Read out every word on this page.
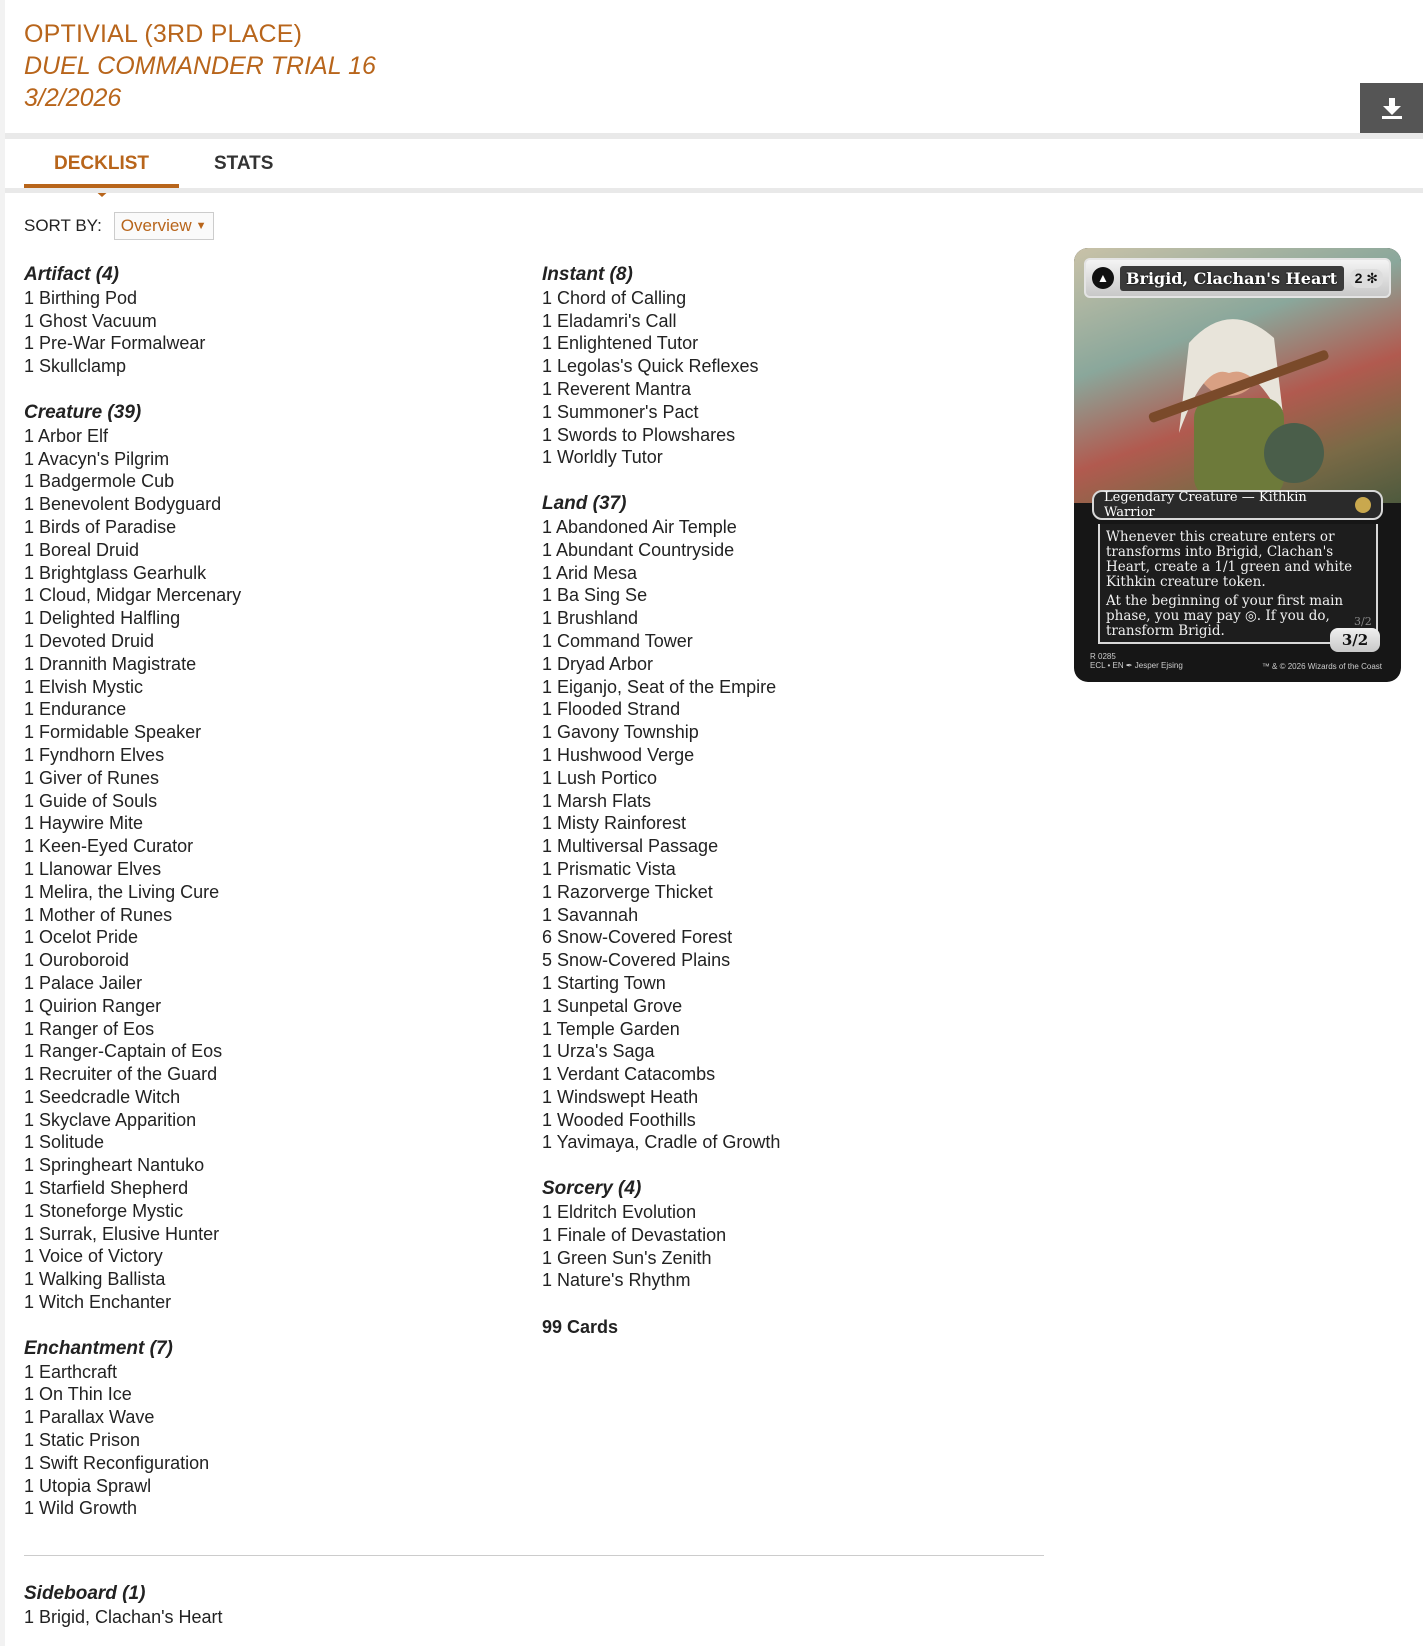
OPTIVIAL (3RD PLACE)
DUEL COMMANDER TRIAL 16
3/2/2026
DECKLIST	STATS
SORT BY: Overview ▼
Artifact (4)
1 Birthing Pod
1 Ghost Vacuum
1 Pre-War Formalwear
1 Skullclamp
Creature (39)
1 Arbor Elf
1 Avacyn's Pilgrim
1 Badgermole Cub
1 Benevolent Bodyguard
1 Birds of Paradise
1 Boreal Druid
1 Brightglass Gearhulk
1 Cloud, Midgar Mercenary
1 Delighted Halfling
1 Devoted Druid
1 Drannith Magistrate
1 Elvish Mystic
1 Endurance
1 Formidable Speaker
1 Fyndhorn Elves
1 Giver of Runes
1 Guide of Souls
1 Haywire Mite
1 Keen-Eyed Curator
1 Llanowar Elves
1 Melira, the Living Cure
1 Mother of Runes
1 Ocelot Pride
1 Ouroboroid
1 Palace Jailer
1 Quirion Ranger
1 Ranger of Eos
1 Ranger-Captain of Eos
1 Recruiter of the Guard
1 Seedcradle Witch
1 Skyclave Apparition
1 Solitude
1 Springheart Nantuko
1 Starfield Shepherd
1 Stoneforge Mystic
1 Surrak, Elusive Hunter
1 Voice of Victory
1 Walking Ballista
1 Witch Enchanter
Enchantment (7)
1 Earthcraft
1 On Thin Ice
1 Parallax Wave
1 Static Prison
1 Swift Reconfiguration
1 Utopia Sprawl
1 Wild Growth
Instant (8)
1 Chord of Calling
1 Eladamri's Call
1 Enlightened Tutor
1 Legolas's Quick Reflexes
1 Reverent Mantra
1 Summoner's Pact
1 Swords to Plowshares
1 Worldly Tutor
Land (37)
1 Abandoned Air Temple
1 Abundant Countryside
1 Arid Mesa
1 Ba Sing Se
1 Brushland
1 Command Tower
1 Dryad Arbor
1 Eiganjo, Seat of the Empire
1 Flooded Strand
1 Gavony Township
1 Hushwood Verge
1 Lush Portico
1 Marsh Flats
1 Misty Rainforest
1 Multiversal Passage
1 Prismatic Vista
1 Razorverge Thicket
1 Savannah
6 Snow-Covered Forest
5 Snow-Covered Plains
1 Starting Town
1 Sunpetal Grove
1 Temple Garden
1 Urza's Saga
1 Verdant Catacombs
1 Windswept Heath
1 Wooded Foothills
1 Yavimaya, Cradle of Growth
Sorcery (4)
1 Eldritch Evolution
1 Finale of Devastation
1 Green Sun's Zenith
1 Nature's Rhythm
99 Cards
Sideboard (1)
1 Brigid, Clachan's Heart
▲	Brigid, Clachan's Heart	2 ✻
Legendary Creature — Kithkin Warrior

Whenever this creature enters or transforms into Brigid, Clachan's Heart, create a 1/1 green and white Kithkin creature token.

At the beginning of your first main phase, you may pay ◎. If you do, transform Brigid.

3/2
3/2
R 0285
ECL • EN ✒ Jesper Ejsing	™ & © 2026 Wizards of the Coast
